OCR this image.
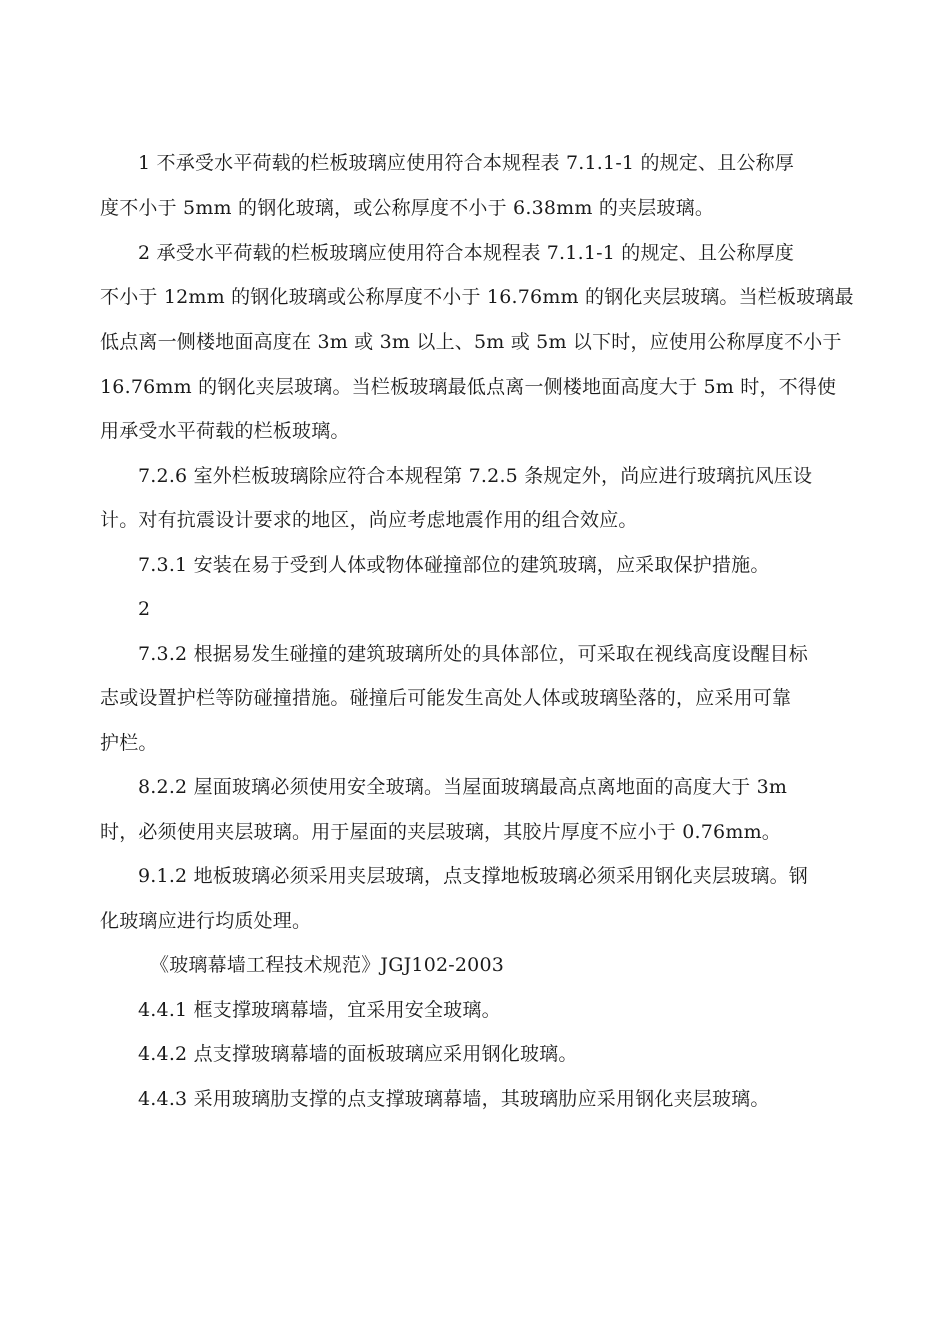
1 不承受水平荷载的栏板玻璃应使用符合本规程表 7.1.1-1 的规定、且公称厚
度不小于 5mm 的钢化玻璃，或公称厚度不小于 6.38mm 的夹层玻璃。
2 承受水平荷载的栏板玻璃应使用符合本规程表 7.1.1-1 的规定、且公称厚度
不小于 12mm 的钢化玻璃或公称厚度不小于 16.76mm 的钢化夹层玻璃。当栏板玻璃最
低点离一侧楼地面高度在 3m 或 3m 以上、5m 或 5m 以下时，应使用公称厚度不小于
16.76mm 的钢化夹层玻璃。当栏板玻璃最低点离一侧楼地面高度大于 5m 时，不得使
用承受水平荷载的栏板玻璃。
7.2.6 室外栏板玻璃除应符合本规程第 7.2.5 条规定外，尚应进行玻璃抗风压设
计。对有抗震设计要求的地区，尚应考虑地震作用的组合效应。
7.3.1 安装在易于受到人体或物体碰撞部位的建筑玻璃，应采取保护措施。
2
7.3.2 根据易发生碰撞的建筑玻璃所处的具体部位，可采取在视线高度设醒目标
志或设置护栏等防碰撞措施。碰撞后可能发生高处人体或玻璃坠落的，应采用可靠
护栏。
8.2.2 屋面玻璃必须使用安全玻璃。当屋面玻璃最高点离地面的高度大于 3m
时，必须使用夹层玻璃。用于屋面的夹层玻璃，其胶片厚度不应小于 0.76mm。
9.1.2 地板玻璃必须采用夹层玻璃，点支撑地板玻璃必须采用钢化夹层玻璃。钢
化玻璃应进行均质处理。
《玻璃幕墙工程技术规范》JGJ102-2003
4.4.1 框支撑玻璃幕墙，宜采用安全玻璃。
4.4.2 点支撑玻璃幕墙的面板玻璃应采用钢化玻璃。
4.4.3 采用玻璃肋支撑的点支撑玻璃幕墙，其玻璃肋应采用钢化夹层玻璃。
